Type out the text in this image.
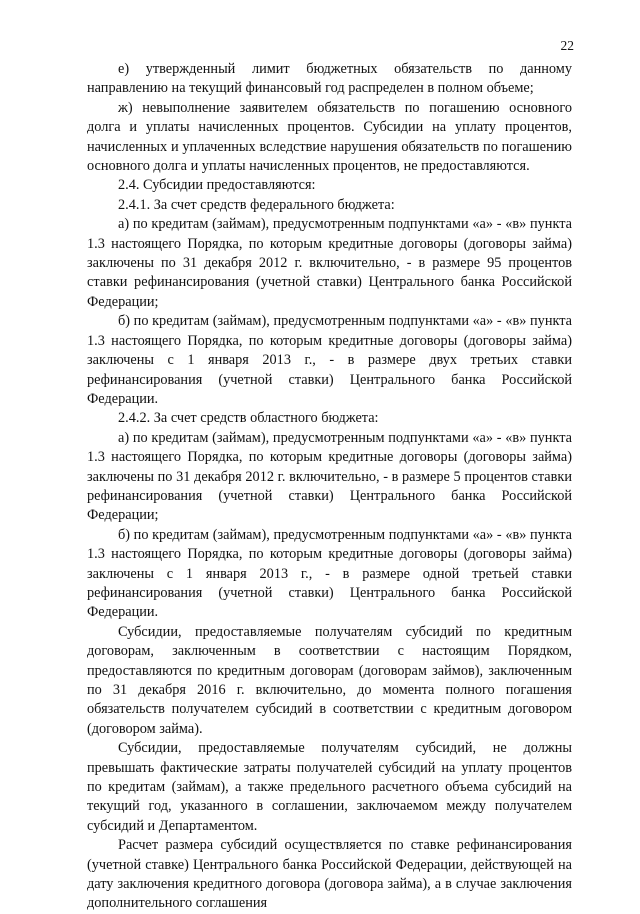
22

е) утвержденный лимит бюджетных обязательств по данному направлению на текущий финансовый год распределен в полном объеме;

ж) невыполнение заявителем обязательств по погашению основного долга и уплаты начисленных процентов. Субсидии на уплату процентов, начисленных и уплаченных вследствие нарушения обязательств по погашению основного долга и уплаты начисленных процентов, не предоставляются.

2.4. Субсидии предоставляются:

2.4.1. За счет средств федерального бюджета:

а) по кредитам (займам), предусмотренным подпунктами «а» - «в» пункта 1.3 настоящего Порядка, по которым кредитные договоры (договоры займа) заключены по 31 декабря 2012 г. включительно, - в размере 95 процентов ставки рефинансирования (учетной ставки) Центрального банка Российской Федерации;

б) по кредитам (займам), предусмотренным подпунктами «а» - «в» пункта 1.3 настоящего Порядка, по которым кредитные договоры (договоры займа) заключены с 1 января 2013 г., - в размере двух третьих ставки рефинансирования (учетной ставки) Центрального банка Российской Федерации.

2.4.2. За счет средств областного бюджета:

а) по кредитам (займам), предусмотренным подпунктами «а» - «в» пункта 1.3 настоящего Порядка, по которым кредитные договоры (договоры займа) заключены по 31 декабря 2012 г. включительно, - в размере 5 процентов ставки рефинансирования (учетной ставки) Центрального банка Российской Федерации;

б) по кредитам (займам), предусмотренным подпунктами «а» - «в» пункта 1.3 настоящего Порядка, по которым кредитные договоры (договоры займа) заключены с 1 января 2013 г., - в размере одной третьей ставки рефинансирования (учетной ставки) Центрального банка Российской Федерации.

Субсидии, предоставляемые получателям субсидий по кредитным договорам, заключенным в соответствии с настоящим Порядком, предоставляются по кредитным договорам (договорам займов), заключенным по 31 декабря 2016 г. включительно, до момента полного погашения обязательств получателем субсидий в соответствии с кредитным договором (договором займа).

Субсидии, предоставляемые получателям субсидий, не должны превышать фактические затраты получателей субсидий на уплату процентов по кредитам (займам), а также предельного расчетного объема субсидий на текущий год, указанного в соглашении, заключаемом между получателем субсидий и Департаментом.

Расчет размера субсидий осуществляется по ставке рефинансирования (учетной ставке) Центрального банка Российской Федерации, действующей на дату заключения кредитного договора (договора займа), а в случае заключения дополнительного соглашения
